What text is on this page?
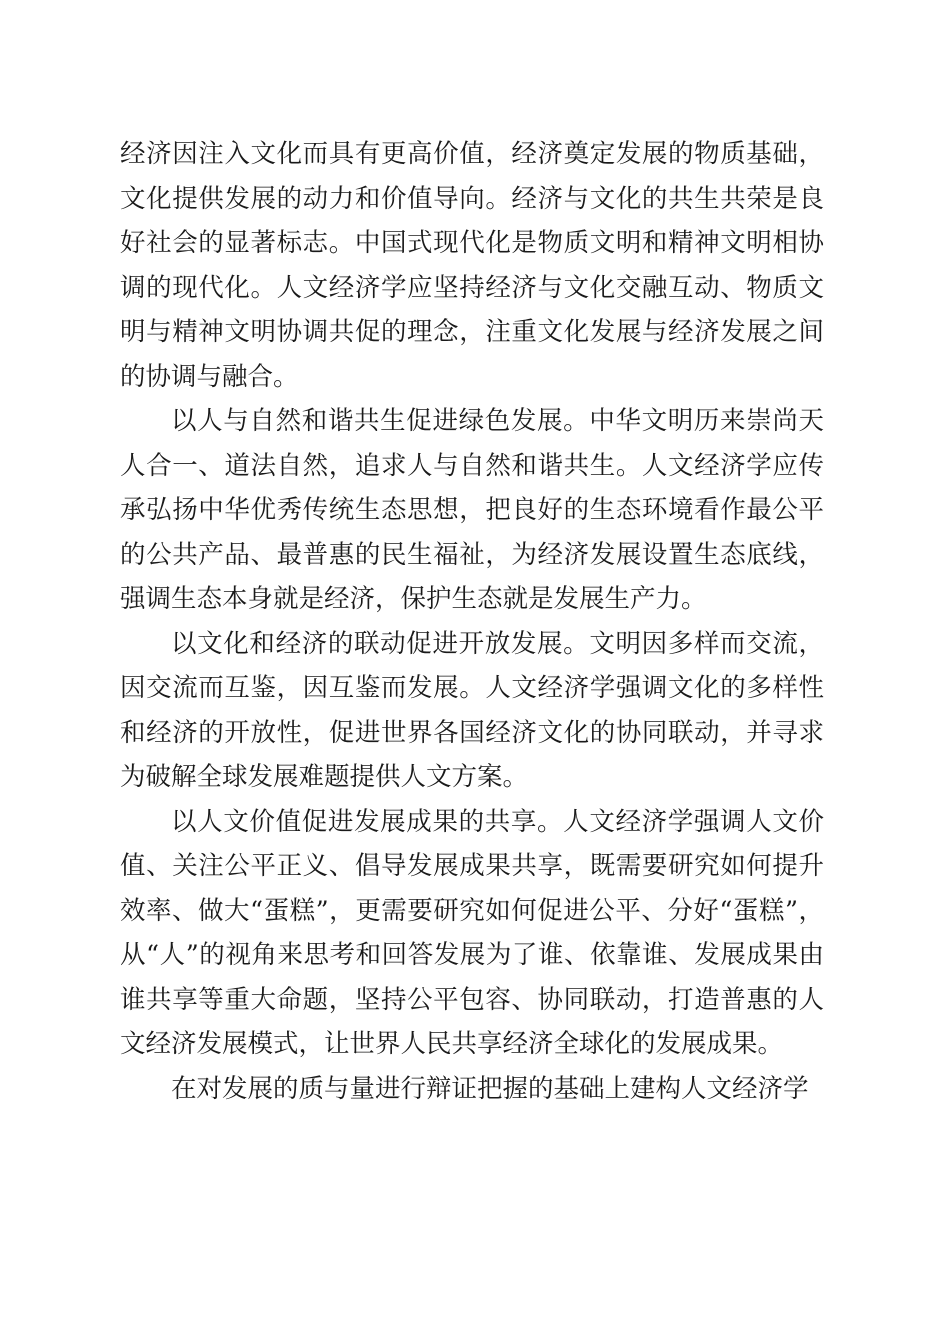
经济因注入文化而具有更高价值，经济奠定发展的物质基础，文化提供发展的动力和价值导向。经济与文化的共生共荣是良好社会的显著标志。中国式现代化是物质文明和精神文明相协调的现代化。人文经济学应坚持经济与文化交融互动、物质文明与精神文明协调共促的理念，注重文化发展与经济发展之间的协调与融合。

以人与自然和谐共生促进绿色发展。中华文明历来崇尚天人合一、道法自然，追求人与自然和谐共生。人文经济学应传承弘扬中华优秀传统生态思想，把良好的生态环境看作最公平的公共产品、最普惠的民生福祉，为经济发展设置生态底线，强调生态本身就是经济，保护生态就是发展生产力。

以文化和经济的联动促进开放发展。文明因多样而交流，因交流而互鉴，因互鉴而发展。人文经济学强调文化的多样性和经济的开放性，促进世界各国经济文化的协同联动，并寻求为破解全球发展难题提供人文方案。

以人文价值促进发展成果的共享。人文经济学强调人文价值、关注公平正义、倡导发展成果共享，既需要研究如何提升效率、做大“蛋糕”，更需要研究如何促进公平、分好“蛋糕”，从“人”的视角来思考和回答发展为了谁、依靠谁、发展成果由谁共享等重大命题，坚持公平包容、协同联动，打造普惠的人文经济发展模式，让世界人民共享经济全球化的发展成果。

在对发展的质与量进行辩证把握的基础上建构人文经济学
